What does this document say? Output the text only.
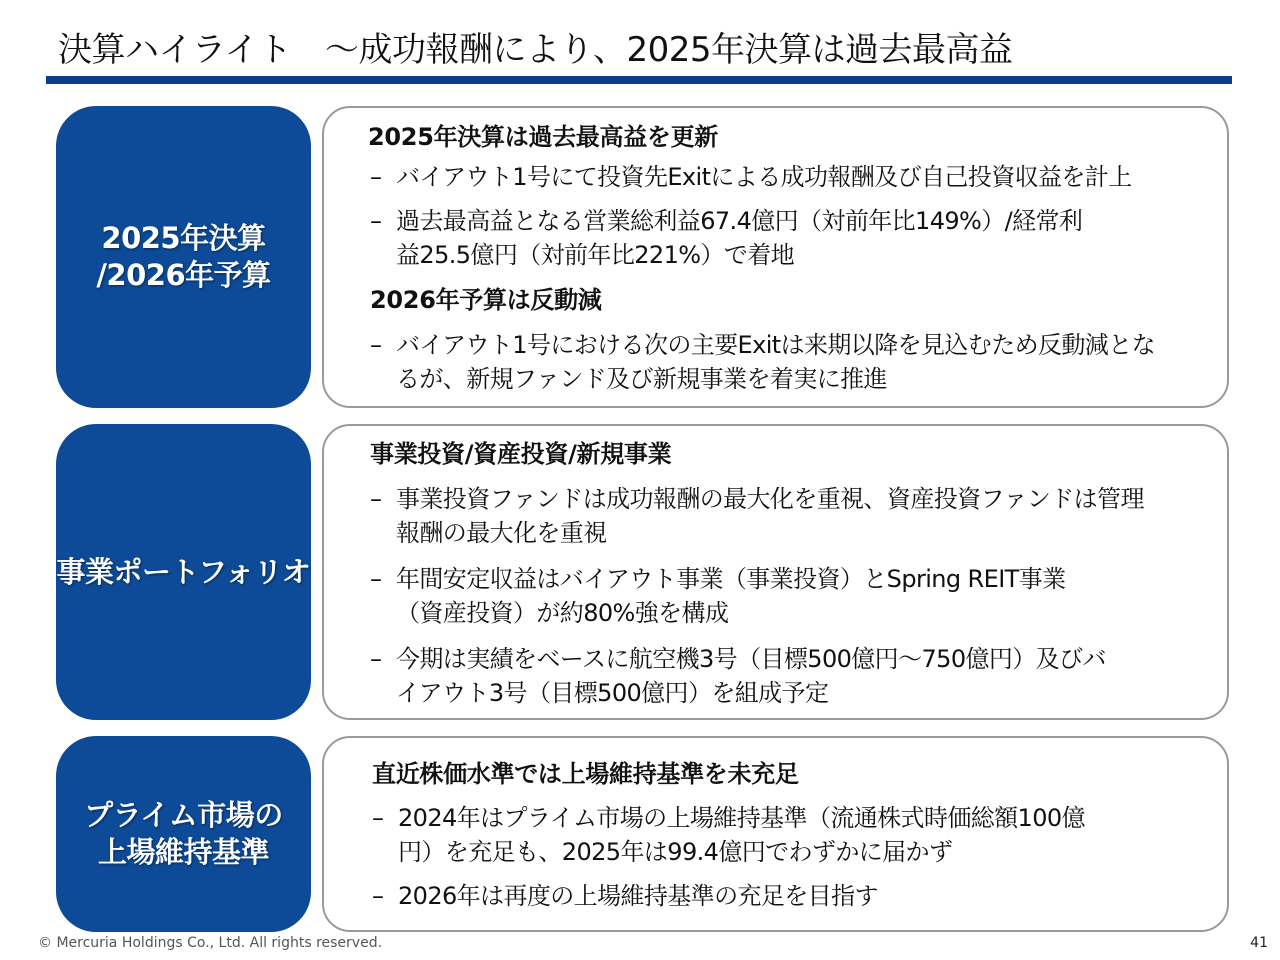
決算ハイライト　～成功報酬により、2025年決算は過去最高益
2025年決算
/2026年予算
2025年決算は過去最高益を更新
– バイアウト1号にて投資先Exitによる成功報酬及び自己投資収益を計上
– 過去最高益となる営業総利益67.4億円（対前年比149%）/経常利
益25.5億円（対前年比221%）で着地
2026年予算は反動減
– バイアウト1号における次の主要Exitは来期以降を見込むため反動減とな
るが、新規ファンド及び新規事業を着実に推進
事業ポートフォリオ
事業投資/資産投資/新規事業
– 事業投資ファンドは成功報酬の最大化を重視、資産投資ファンドは管理
報酬の最大化を重視
– 年間安定収益はバイアウト事業（事業投資）とSpring REIT事業
（資産投資）が約80%強を構成
– 今期は実績をベースに航空機3号（目標500億円～750億円）及びバ
イアウト3号（目標500億円）を組成予定
プライム市場の
上場維持基準
直近株価水準では上場維持基準を未充足
– 2024年はプライム市場の上場維持基準（流通株式時価総額100億
円）を充足も、2025年は99.4億円でわずかに届かず
– 2026年は再度の上場維持基準の充足を目指す
© Mercuria Holdings Co., Ltd. All rights reserved.	41
